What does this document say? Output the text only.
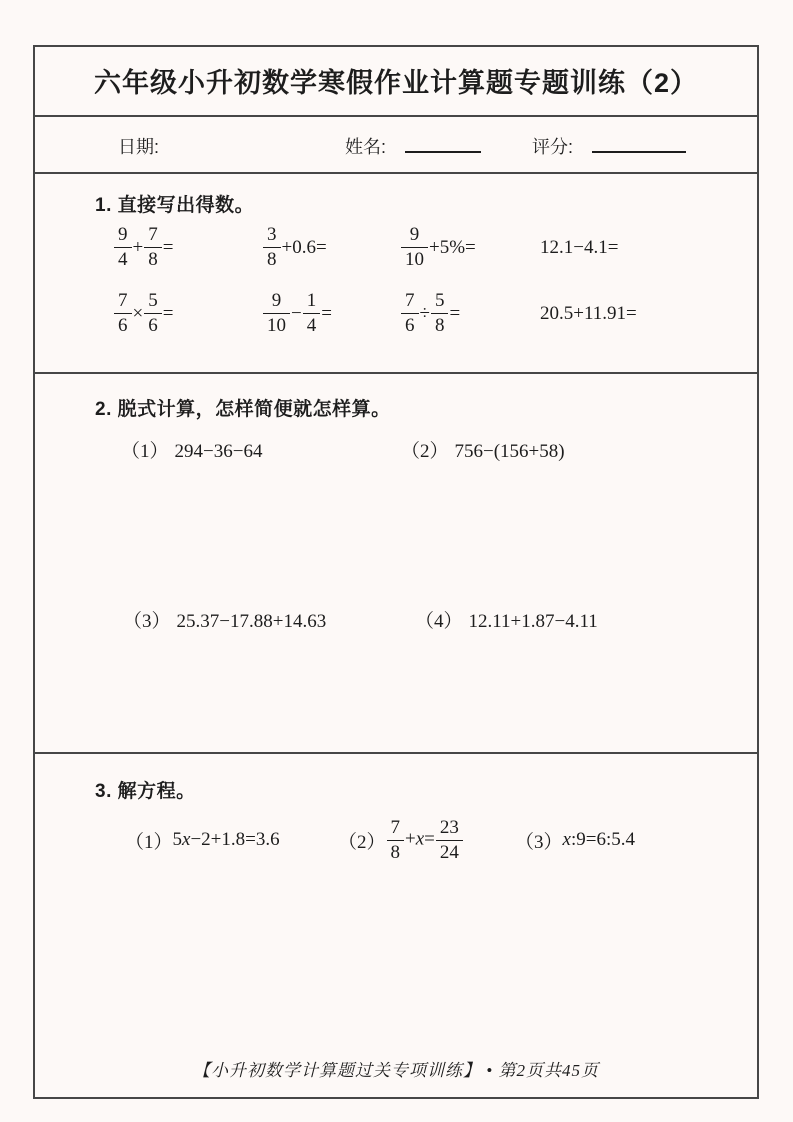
六年级小升初数学寒假作业计算题专题训练（2）
日期:	姓名:	评分:
1. 直接写出得数。
$\frac{9}{4} + \frac{7}{8}$ =	$\frac{3}{8} +0.6=$	$\frac{9}{10} +5\%=$	12.1−4.1=
$\frac{7}{6} \times \frac{5}{6}$ =	$\frac{9}{10} - \frac{1}{4}$ =	$\frac{7}{6} \div \frac{5}{8}$ =	20.5+11.91=
2. 脱式计算，怎样简便就怎样算。
（1） 294−36−64	（2） 756−(156+58)
（3） 25.37−17.88+14.63	（4） 12.11+1.87−4.11
3. 解方程。
（1） 5x−2+1.8=3.6	$(2) \frac{7}{8} +x= \frac{23}{24}$	（3） x:9=6:5.4
【小升初数学计算题过关专项训练】 • 第2页共45页
